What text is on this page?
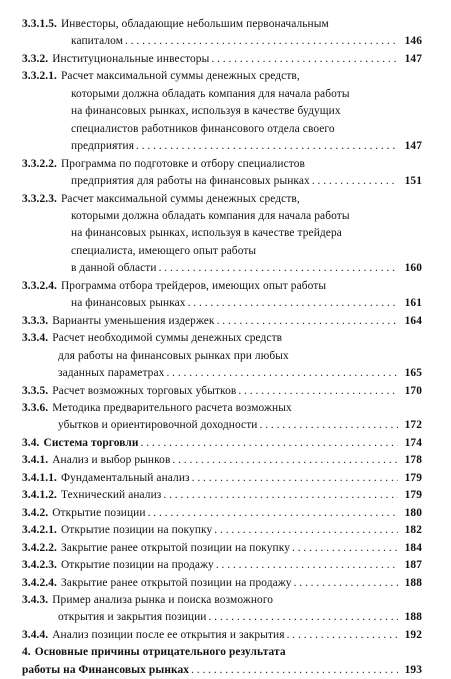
3.3.1.5. Инвесторы, обладающие небольшим первоначальным
капиталом . . .	146
3.3.2. Институциональные инвесторы . . .	147
3.3.2.1. Расчет максимальной суммы денежных средств,
которыми должна обладать компания для начала работы
на финансовых рынках, используя в качестве будущих
специалистов работников финансового отдела своего
предприятия . . .	147
3.3.2.2. Программа по подготовке и отбору специалистов
предприятия для работы на финансовых рынках . . .	151
3.3.2.3. Расчет максимальной суммы денежных средств,
которыми должна обладать компания для начала работы
на финансовых рынках, используя в качестве трейдера
специалиста, имеющего опыт работы
в данной области . . .	160
3.3.2.4. Программа отбора трейдеров, имеющих опыт работы
на финансовых рынках . . .	161
3.3.3. Варианты уменьшения издержек . . .	164
3.3.4. Расчет необходимой суммы денежных средств
для работы на финансовых рынках при любых
заданных параметрах . . .	165
3.3.5. Расчет возможных торговых убытков . . .	170
3.3.6. Методика предварительного расчета возможных
убытков и ориентировочной доходности . . .	172
3.4. Система торговли . . .	174
3.4.1. Анализ и выбор рынков . . .	178
3.4.1.1. Фундаментальный анализ . . .	179
3.4.1.2. Технический анализ . . .	179
3.4.2. Открытие позиции . . .	180
3.4.2.1. Открытие позиции на покупку . . .	182
3.4.2.2. Закрытие ранее открытой позиции на покупку . . .	184
3.4.2.3. Открытие позиции на продажу . . .	187
3.4.2.4. Закрытие ранее открытой позиции на продажу . . .	188
3.4.3. Пример анализа рынка и поиска возможного
открытия и закрытия позиции . . .	188
3.4.4. Анализ позиции после ее открытия и закрытия . . .	192
4. Основные причины отрицательного результата
работы на Финансовых рынках . . .	193
